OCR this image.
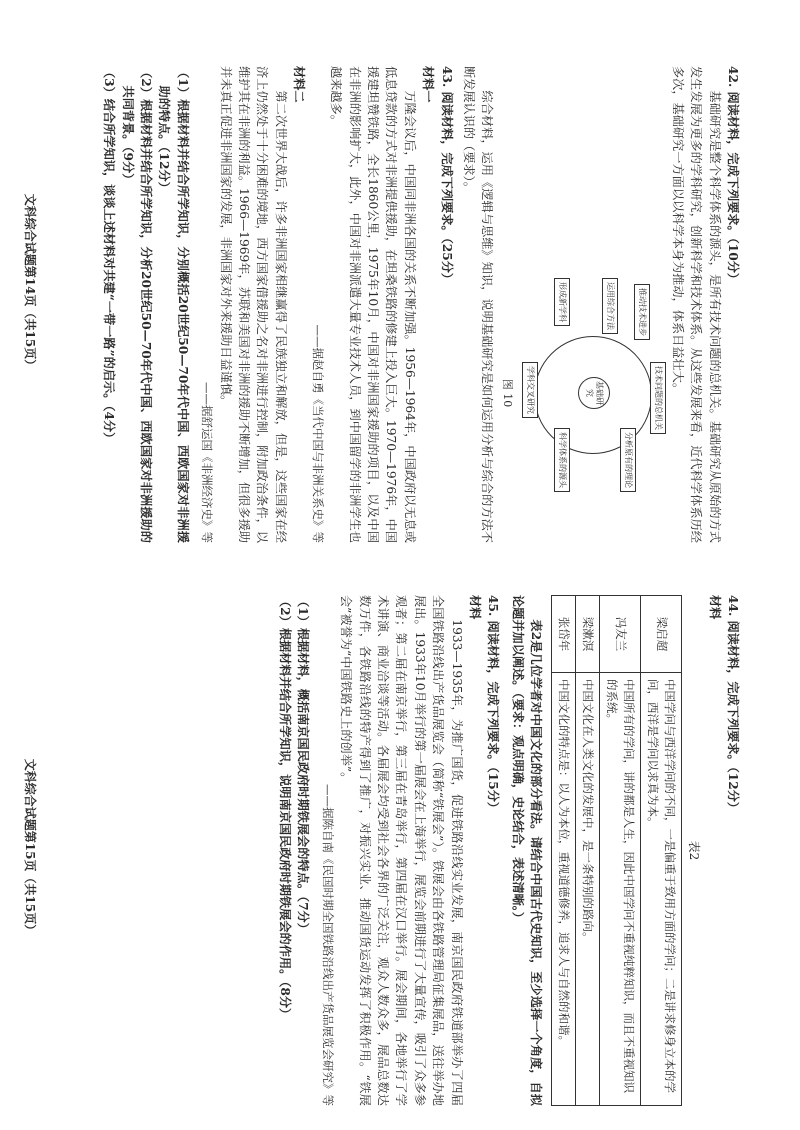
42. 阅读材料，完成下列要求。（10分）

基础研究是整个科学体系的源头，是所有技术问题的总机关。基础研究从原始的方式发生发展为更多的学科研究，创新科学和技术体系。从这些发展来看，近代科学体系历经多次，基础研究一方面以以科学本身为推动，体系日益壮大。

基础研究	技术问题的总机关
分析原有的理论
科学体系的源头
学科交叉研究
形成新学科	运用综合方法	推动技术进步
图 10

综合材料，运用《逻辑与思维》知识，说明基础研究是如何运用分析与综合的方法不断发展认识的（要求）。

43. 阅读材料，完成下列要求。（25分）

材料一

万隆会议后，中国同非洲各国的关系不断加强。1956—1964年，中国政府以无息或低息贷款的方式对非洲提供援助，在坦桑铁路的修建上投入巨大。1970—1976年，中国援建坦赞铁路，全长1860公里，1975年10月，中国对非洲国家援助的项目，以及中国在非洲的影响扩大，此外，中国对非洲派遣大量专业技术人员，到中国留学的非洲学生也越来越多。

——据赵自勇《当代中国与非洲关系史》等

材料二

第二次世界大战后，许多非洲国家相继赢得了民族独立和解放，但是，这些国家在经济上仍然处于十分困难的境地，西方国家借援助之名对非洲进行控制，附加政治条件，以维护其在非洲的利益。1966—1969年，苏联和美国对非洲的援助不断增加，但很多援助并未真正促进非洲国家的发展，非洲国家对外来援助日益谨慎。

——据舒运国《非洲经济史》等

（1）根据材料并结合所学知识，分别概括20世纪50—70年代中国、西欧国家对非洲援助的特点。（12分）

（2）根据材料并结合所学知识，分析20世纪50—70年代中国、西欧国家对非洲援助的共同背景。（9分）

（3）结合所学知识，谈谈上述材料对共建“一带一路”的启示。（4分）

文科综合试题第14页（共15页）

44. 阅读材料，完成下列要求。（12分）

材料

表2
梁启超	中国学问与西洋学问的不同，一是偏重于致用方面的学问；二是讲求修身立本的学问，西洋是学问以求真为本。
冯友兰	中国所有的学问，讲的都是人生，因此中国学问不重视纯粹知识，而且不重视知识的系统。
梁漱溟	中国文化在人类文化的发展中，是一条特别的路向。
张岱年	中国文化的特点是：以人为本位，重视道德修养，追求人与自然的和谐。

表2是几位学者对中国文化的部分看法。请结合中国古代史知识，至少选择一个角度，自拟论题并加以阐述。（要求：观点明确，史论结合，表述清晰。）

45. 阅读材料，完成下列要求。（15分）

材料

1933—1935年，为推广国货，促进铁路沿线实业发展，南京国民政府铁道部举办了四届全国铁路沿线出产货品展览会（简称“铁展会”）。铁展会由各铁路管理局征集展品，送往举办地展出。1933年10月举行的第一届展会在上海举行，展览会前期进行了大量宣传，吸引了众多参观者；第二届在南京举行，第三届在青岛举行，第四届在汉口举行。展会期间，各地举行了学术讲演、商业洽谈等活动。各届展会均受到社会各界的广泛关注，观众人数众多，展品总数达数万件，各铁路沿线的特产得到了推广，对振兴实业、推动国货运动发挥了积极作用。“铁展会”被誉为“中国铁路史上的创举”。

——据陈自南《民国时期全国铁路沿线出产货品展览会研究》等

（1）根据材料，概括南京国民政府时期铁展会的特点。（7分）

（2）根据材料并结合所学知识，说明南京国民政府时期铁展会的作用。（8分）

文科综合试题第15页（共15页）
